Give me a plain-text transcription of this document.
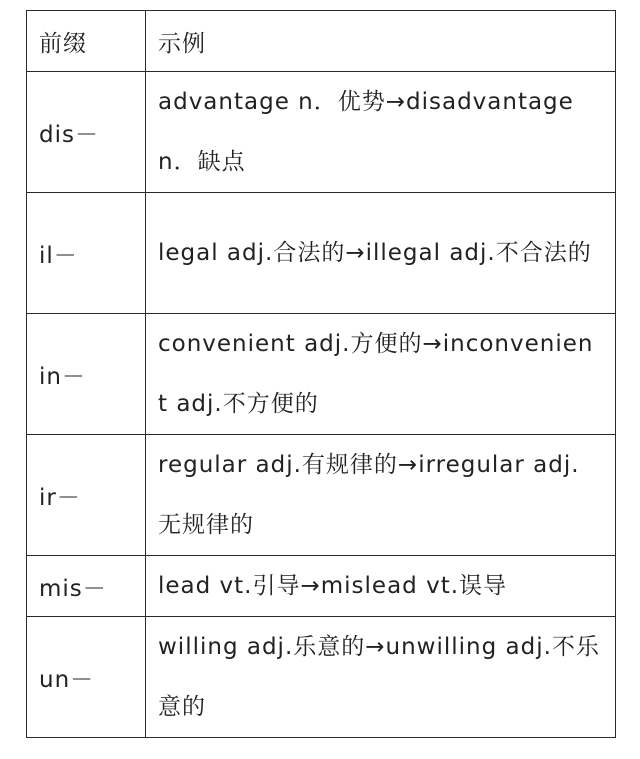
前缀	示例
dis－	advantage n．优势→disadvantage n．缺点
il－	legal adj.合法的→illegal adj.不合法的
in－	convenient adj.方便的→inconvenient adj.不方便的
ir－	regular adj.有规律的→irregular adj.无规律的
mis－	lead vt.引导→mislead vt.误导
un－	willing adj.乐意的→unwilling adj.不乐意的
